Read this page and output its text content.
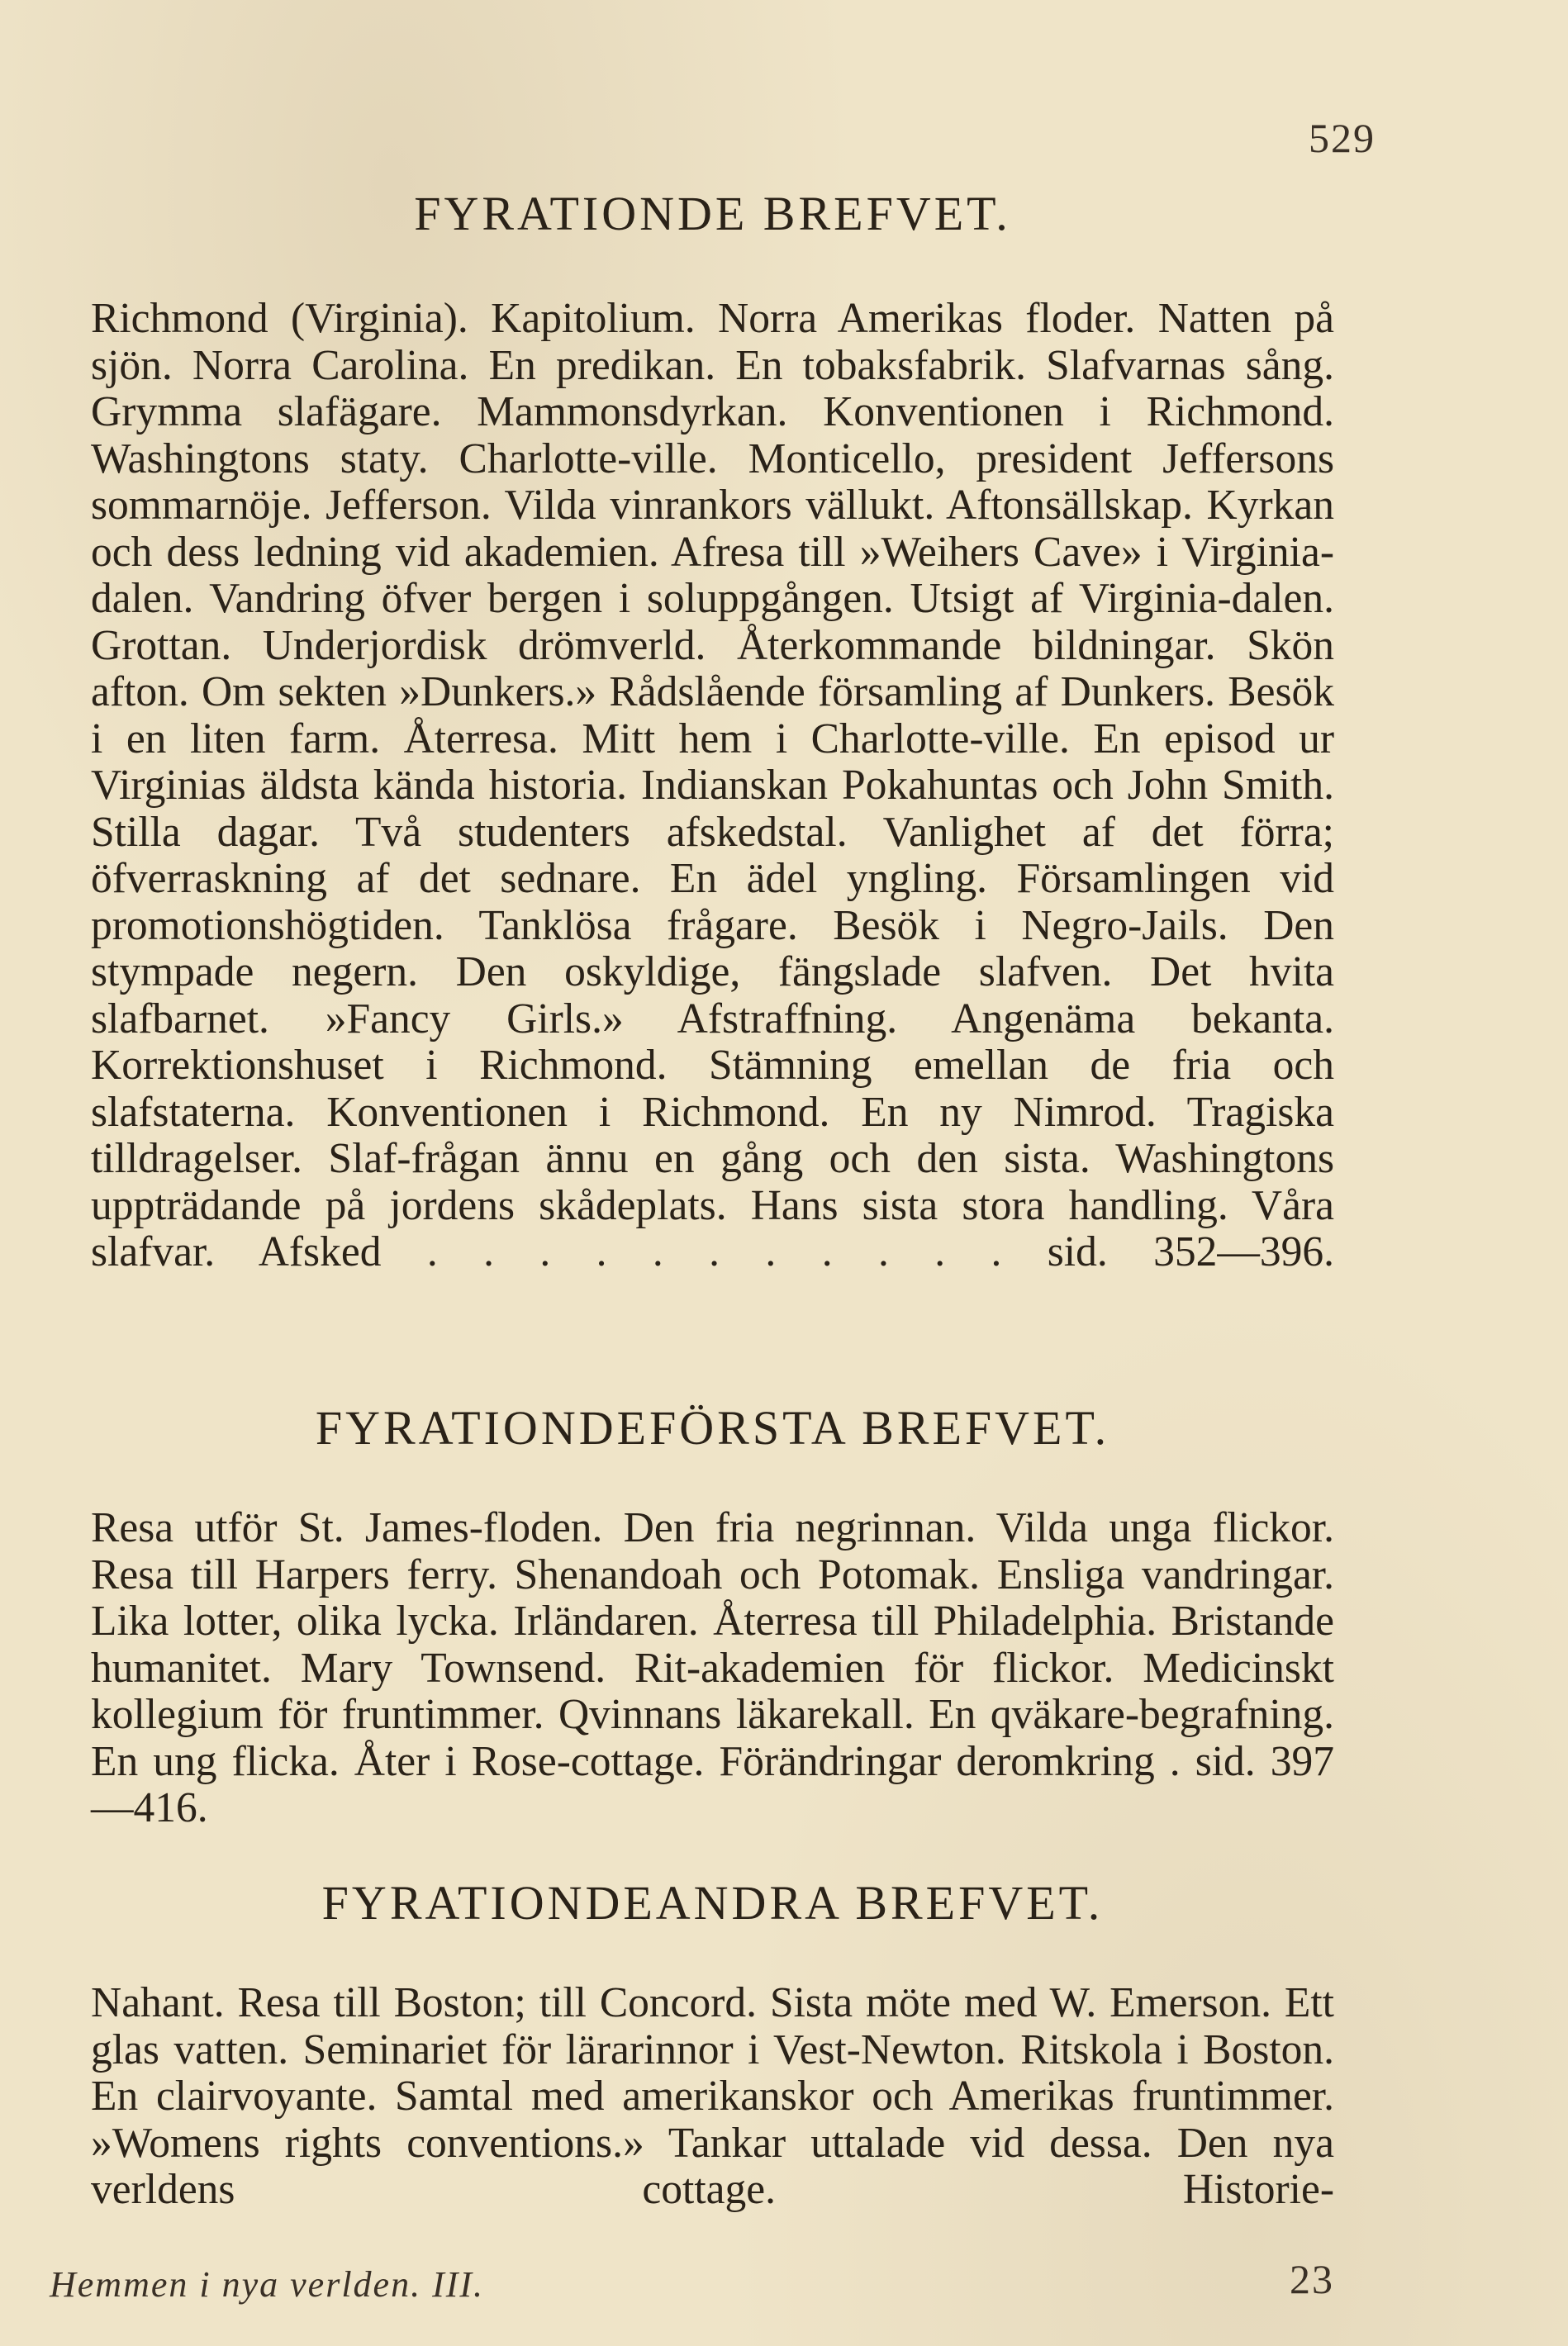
529
FYRATIONDE BREFVET.

Richmond (Virginia). Kapitolium. Norra Amerikas floder. Natten på sjön. Norra Carolina. En predikan. En tobaksfabrik. Slafvarnas sång. Grymma slafägare. Mammonsdyrkan. Konventionen i Richmond. Washingtons staty. Charlotte-ville. Monticello, president Jeffersons sommarnöje. Jefferson. Vilda vinrankors vällukt. Aftonsällskap. Kyrkan och dess ledning vid akademien. Afresa till »Weihers Cave» i Virginia-dalen. Vandring öfver bergen i soluppgången. Utsigt af Virginia-dalen. Grottan. Underjordisk drömverld. Återkommande bildningar. Skön afton. Om sekten »Dunkers.» Rådslående församling af Dunkers. Besök i en liten farm. Återresa. Mitt hem i Charlotte-ville. En episod ur Virginias äldsta kända historia. Indianskan Pokahuntas och John Smith. Stilla dagar. Två studenters afskedstal. Vanlighet af det förra; öfverraskning af det sednare. En ädel yngling. Församlingen vid promotionshögtiden. Tanklösa frågare. Besök i Negro-Jails. Den stympade negern. Den oskyldige, fängslade slafven. Det hvita slafbarnet. »Fancy Girls.» Afstraffning. Angenäma bekanta. Korrektionshuset i Richmond. Stämning emellan de fria och slafstaterna. Konventionen i Richmond. En ny Nimrod. Tragiska tilldragelser. Slaf-frågan ännu en gång och den sista. Washingtons uppträdande på jordens skådeplats. Hans sista stora handling. Våra slafvar. Afsked . . . . . . . . . . . sid. 352—396.

FYRATIONDEFÖRSTA BREFVET.

Resa utför St. James-floden. Den fria negrinnan. Vilda unga flickor. Resa till Harpers ferry. Shenandoah och Potomak. Ensliga vandringar. Lika lotter, olika lycka. Irländaren. Återresa till Philadelphia. Bristande humanitet. Mary Townsend. Rit-akademien för flickor. Medicinskt kollegium för fruntimmer. Qvinnans läkarekall. En qväkare-begrafning. En ung flicka. Åter i Rose-cottage. Förändringar deromkring . sid. 397—416.

FYRATIONDEANDRA BREFVET.

Nahant. Resa till Boston; till Concord. Sista möte med W. Emerson. Ett glas vatten. Seminariet för lärarinnor i Vest-Newton. Ritskola i Boston. En clairvoyante. Samtal med amerikanskor och Amerikas fruntimmer. »Womens rights conventions.» Tankar uttalade vid dessa. Den nya verldens cottage. Historie-

Hemmen i nya verlden. III.	23
